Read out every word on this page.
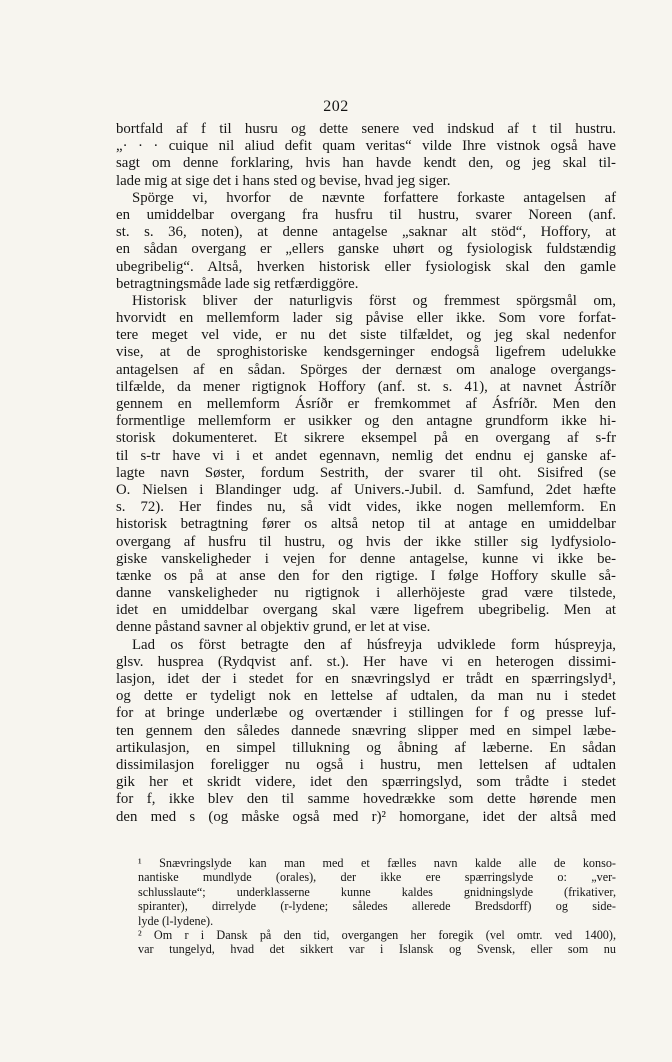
202
bortfald af f til husru og dette senere ved indskud af t til hustru.
„· · · cuique nil aliud defit quam veritas“ vilde Ihre vistnok også have
sagt om denne forklaring, hvis han havde kendt den, og jeg skal til-
lade mig at sige det i hans sted og bevise, hvad jeg siger.
Spörge vi, hvorfor de nævnte forfattere forkaste antagelsen af
en umiddelbar overgang fra husfru til hustru, svarer Noreen (anf.
st. s. 36, noten), at denne antagelse „saknar alt stöd“, Hoffory, at
en sådan overgang er „ellers ganske uhørt og fysiologisk fuldstændig
ubegribelig“. Altså, hverken historisk eller fysiologisk skal den gamle
betragtningsmåde lade sig retfærdiggöre.
Historisk bliver der naturligvis först og fremmest spörgsmål om,
hvorvidt en mellemform lader sig påvise eller ikke. Som vore forfat-
tere meget vel vide, er nu det siste tilfældet, og jeg skal nedenfor
vise, at de sproghistoriske kendsgerninger endogså ligefrem udelukke
antagelsen af en sådan. Spörges der dernæst om analoge overgangs-
tilfælde, da mener rigtignok Hoffory (anf. st. s. 41), at navnet Ástríðr
gennem en mellemform Ásríðr er fremkommet af Ásfríðr. Men den
formentlige mellemform er usikker og den antagne grundform ikke hi-
storisk dokumenteret. Et sikrere eksempel på en overgang af s-fr
til s-tr have vi i et andet egennavn, nemlig det endnu ej ganske af-
lagte navn Søster, fordum Sestrith, der svarer til oht. Sisifred (se
O. Nielsen i Blandinger udg. af Univers.-Jubil. d. Samfund, 2det hæfte
s. 72). Her findes nu, så vidt vides, ikke nogen mellemform. En
historisk betragtning fører os altså netop til at antage en umiddelbar
overgang af husfru til hustru, og hvis der ikke stiller sig lydfysiolo-
giske vanskeligheder i vejen for denne antagelse, kunne vi ikke be-
tænke os på at anse den for den rigtige. I følge Hoffory skulle så-
danne vanskeligheder nu rigtignok i allerhöjeste grad være tilstede,
idet en umiddelbar overgang skal være ligefrem ubegribelig. Men at
denne påstand savner al objektiv grund, er let at vise.
Lad os först betragte den af húsfreyja udviklede form húspreyja,
glsv. husprea (Rydqvist anf. st.). Her have vi en heterogen dissimi-
lasjon, idet der i stedet for en snævringslyd er trådt en spærringslyd¹,
og dette er tydeligt nok en lettelse af udtalen, da man nu i stedet
for at bringe underlæbe og overtænder i stillingen for f og presse luf-
ten gennem den således dannede snævring slipper med en simpel læbe-
artikulasjon, en simpel tillukning og åbning af læberne. En sådan
dissimilasjon foreligger nu også i hustru, men lettelsen af udtalen
gik her et skridt videre, idet den spærringslyd, som trådte i stedet
for f, ikke blev den til samme hovedrække som dette hørende men
den med s (og måske også med r)² homorgane, idet der altså med
¹ Snævringslyde kan man med et fælles navn kalde alle de konso-
nantiske mundlyde (orales), der ikke ere spærringslyde o: „ver-
schlusslaute“; underklasserne kunne kaldes gnidningslyde (frikativer,
spiranter), dirrelyde (r-lydene; således allerede Bredsdorff) og side-
lyde (l-lydene).
² Om r i Dansk på den tid, overgangen her foregik (vel omtr. ved 1400),
var tungelyd, hvad det sikkert var i Islansk og Svensk, eller som nu
